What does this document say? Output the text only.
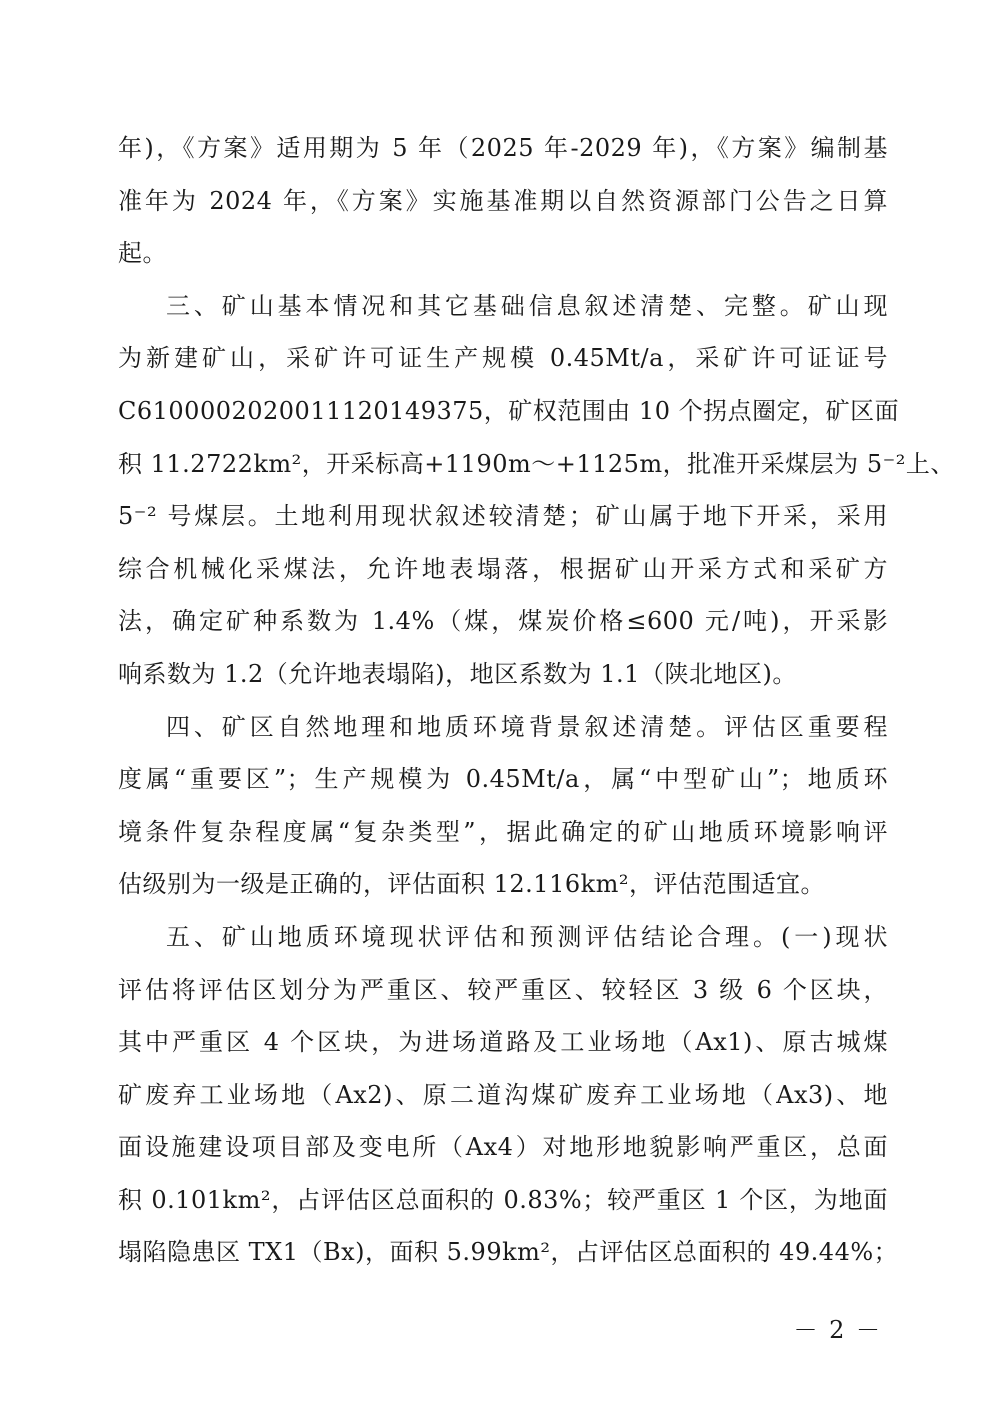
年)，《方案》适用期为 5 年（2025 年-2029 年)，《方案》编制基
准年为 2024 年，《方案》实施基准期以自然资源部门公告之日算
起。
三、矿山基本情况和其它基础信息叙述清楚、完整。矿山现
为新建矿山，采矿许可证生产规模 0.45Mt/a，采矿许可证证号
C6100002020011120149375，矿权范围由 10 个拐点圈定，矿区面
积 11.2722km²，开采标高+1190m～+1125m，批准开采煤层为 5⁻²上、
5⁻² 号煤层。土地利用现状叙述较清楚；矿山属于地下开采，采用
综合机械化采煤法，允许地表塌落，根据矿山开采方式和采矿方
法，确定矿种系数为 1.4%（煤，煤炭价格≤600 元/吨)，开采影
响系数为 1.2（允许地表塌陷)，地区系数为 1.1（陕北地区)。
四、矿区自然地理和地质环境背景叙述清楚。评估区重要程
度属“重要区”；生产规模为 0.45Mt/a，属“中型矿山”；地质环
境条件复杂程度属“复杂类型”，据此确定的矿山地质环境影响评
估级别为一级是正确的，评估面积 12.116km²，评估范围适宜。
五、矿山地质环境现状评估和预测评估结论合理。(一)现状
评估将评估区划分为严重区、较严重区、较轻区 3 级 6 个区块，
其中严重区 4 个区块，为进场道路及工业场地（Ax1)、原古城煤
矿废弃工业场地（Ax2)、原二道沟煤矿废弃工业场地（Ax3)、地
面设施建设项目部及变电所（Ax4）对地形地貌影响严重区，总面
积 0.101km²，占评估区总面积的 0.83%；较严重区 1 个区，为地面
塌陷隐患区 TX1（Bx)，面积 5.99km²，占评估区总面积的 49.44%；
－ 2 －
